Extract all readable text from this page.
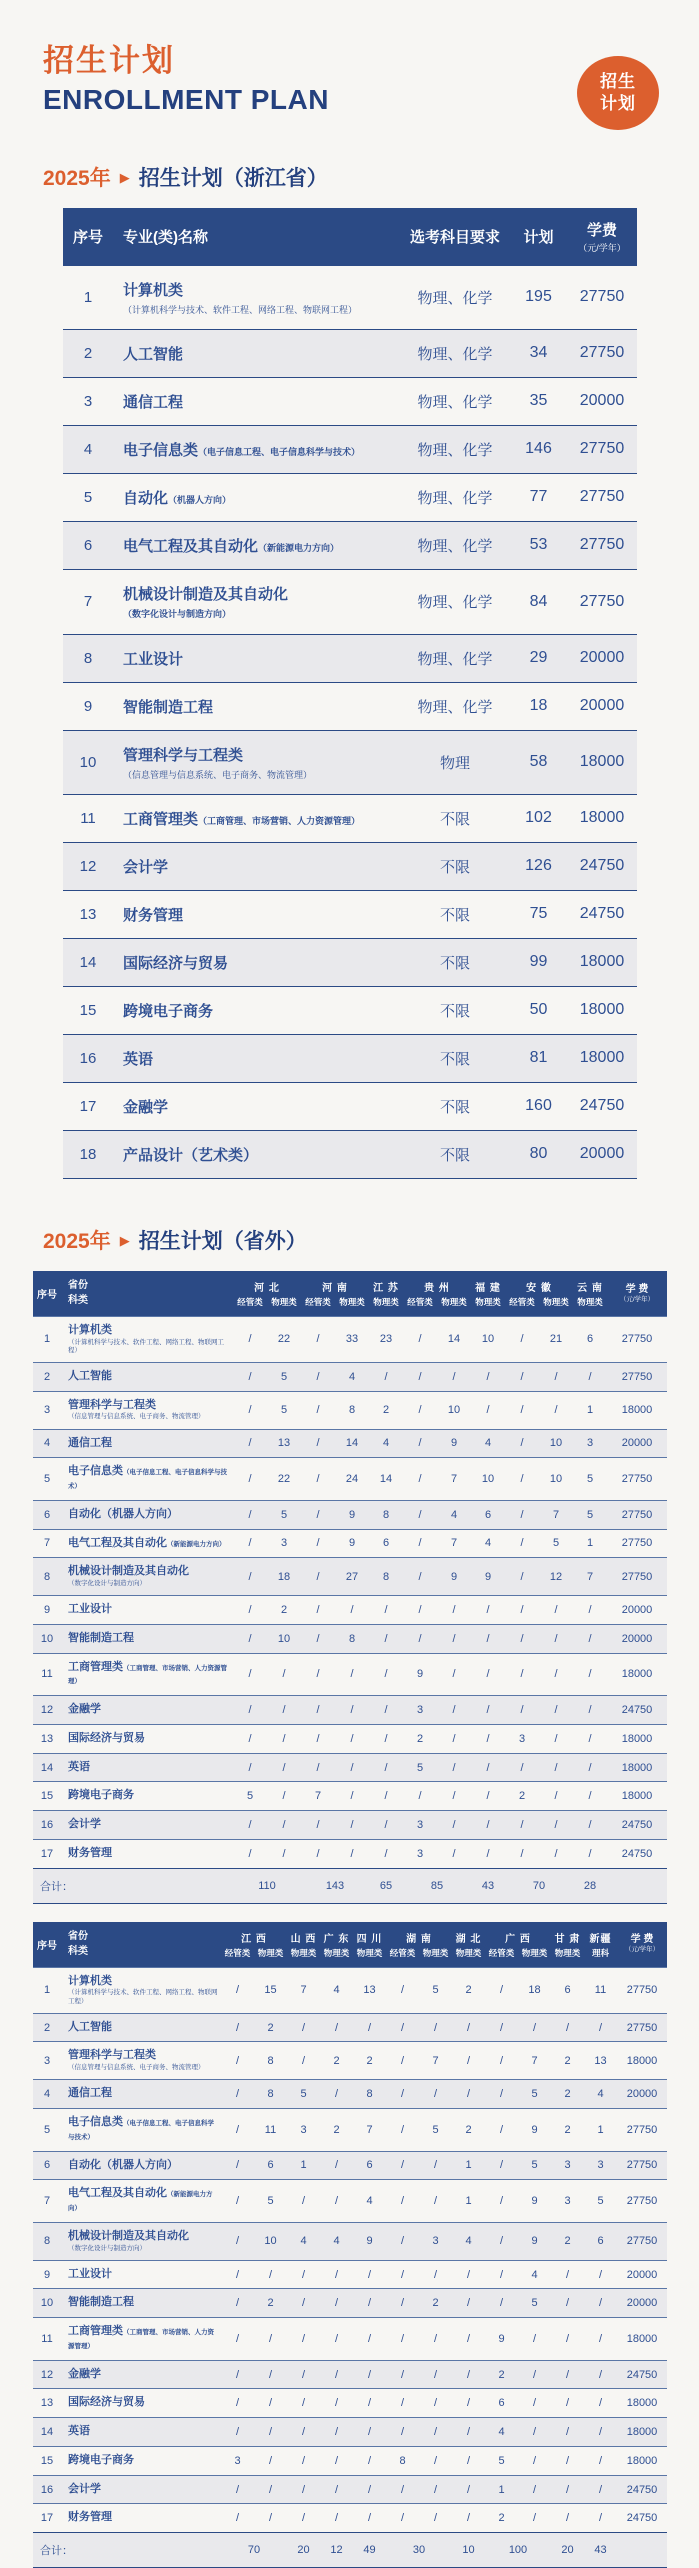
招生计划
ENROLLMENT PLAN
招生
计划
2025年 ▶ 招生计划（浙江省）
序号	专业(类)名称	选考科目要求	计划	学费
（元/学年）

1	计算机类
（计算机科学与技术、软件工程、网络工程、物联网工程）	物理、化学	195	27750
2	人工智能	物理、化学	34	27750
3	通信工程	物理、化学	35	20000
4	电子信息类（电子信息工程、电子信息科学与技术）	物理、化学	146	27750
5	自动化（机器人方向）	物理、化学	77	27750
6	电气工程及其自动化（新能源电力方向）	物理、化学	53	27750
7	机械设计制造及其自动化（数字化设计与制造方向）	物理、化学	84	27750
8	工业设计	物理、化学	29	20000
9	智能制造工程	物理、化学	18	20000
10	管理科学与工程类
（信息管理与信息系统、电子商务、物流管理）	物理	58	18000
11	工商管理类（工商管理、市场营销、人力资源管理）	不限	102	18000
12	会计学	不限	126	24750
13	财务管理	不限	75	24750
14	国际经济与贸易	不限	99	18000
15	跨境电子商务	不限	50	18000
16	英语	不限	81	18000
17	金融学	不限	160	24750
18	产品设计（艺术类）	不限	80	20000
2025年 ▶ 招生计划（省外）
序号	
省份
科类
	河 北	河 南	江 苏	贵 州	福 建	安 徽	云 南	学 费
（元/学年）

		经管类	物理类	经管类	物理类	物理类	经管类	物理类	物理类	经管类	物理类	物理类	
1	计算机类
（计算机科学与技术、软件工程、网络工程、物联网工程）	/	22	/	33	23	/	14	10	/	21	6	27750
2	人工智能	/	5	/	4	/	/	/	/	/	/	/	27750
3	管理科学与工程类
（信息管理与信息系统、电子商务、物流管理）	/	5	/	8	2	/	10	/	/	/	1	18000
4	通信工程	/	13	/	14	4	/	9	4	/	10	3	20000
5	电子信息类（电子信息工程、电子信息科学与技术）	/	22	/	24	14	/	7	10	/	10	5	27750
6	自动化（机器人方向）	/	5	/	9	8	/	4	6	/	7	5	27750
7	电气工程及其自动化（新能源电力方向）	/	3	/	9	6	/	7	4	/	5	1	27750
8	机械设计制造及其自动化
（数字化设计与制造方向）	/	18	/	27	8	/	9	9	/	12	7	27750
9	工业设计	/	2	/	/	/	/	/	/	/	/	/	20000
10	智能制造工程	/	10	/	8	/	/	/	/	/	/	/	20000
11	工商管理类（工商管理、市场营销、人力资源管理）	/	/	/	/	/	9	/	/	/	/	/	18000
12	金融学	/	/	/	/	/	3	/	/	/	/	/	24750
13	国际经济与贸易	/	/	/	/	/	2	/	/	3	/	/	18000
14	英语	/	/	/	/	/	5	/	/	/	/	/	18000
15	跨境电子商务	5	/	7	/	/	/	/	/	2	/	/	18000
16	会计学	/	/	/	/	/	3	/	/	/	/	/	24750
17	财务管理	/	/	/	/	/	3	/	/	/	/	/	24750
合计：		110		143		65	85		43	70		28	
序号	
省份
科类
	江 西	山 西	广 东	四 川	湖 南	湖 北	广 西	甘 肃	新疆	学 费
（元/学年）

		经管类	物理类	物理类	物理类	物理类	经管类	物理类	物理类	经管类	物理类	物理类	理科	
1	计算机类
（计算机科学与技术、软件工程、网络工程、物联网工程）	/	15	7	4	13	/	5	2	/	18	6	11	27750
2	人工智能	/	2	/	/	/	/	/	/	/	/	/	/	27750
3	管理科学与工程类
（信息管理与信息系统、电子商务、物流管理）	/	8	/	2	2	/	7	/	/	7	2	13	18000
4	通信工程	/	8	5	/	8	/	/	/	/	5	2	4	20000
5	电子信息类（电子信息工程、电子信息科学与技术）	/	11	3	2	7	/	5	2	/	9	2	1	27750
6	自动化（机器人方向）	/	6	1	/	6	/	/	1	/	5	3	3	27750
7	电气工程及其自动化（新能源电力方向）	/	5	/	/	4	/	/	1	/	9	3	5	27750
8	机械设计制造及其自动化
（数字化设计与制造方向）	/	10	4	4	9	/	3	4	/	9	2	6	27750
9	工业设计	/	/	/	/	/	/	/	/	/	4	/	/	20000
10	智能制造工程	/	2	/	/	/	/	2	/	/	5	/	/	20000
11	工商管理类（工商管理、市场营销、人力资源管理）	/	/	/	/	/	/	/	/	9	/	/	/	18000
12	金融学	/	/	/	/	/	/	/	/	2	/	/	/	24750
13	国际经济与贸易	/	/	/	/	/	/	/	/	6	/	/	/	18000
14	英语	/	/	/	/	/	/	/	/	4	/	/	/	18000
15	跨境电子商务	3	/	/	/	/	8	/	/	5	/	/	/	18000
16	会计学	/	/	/	/	/	/	/	/	1	/	/	/	24750
17	财务管理	/	/	/	/	/	/	/	/	2	/	/	/	24750
合计：		70		20	12	49	30		10	100		20	43	
